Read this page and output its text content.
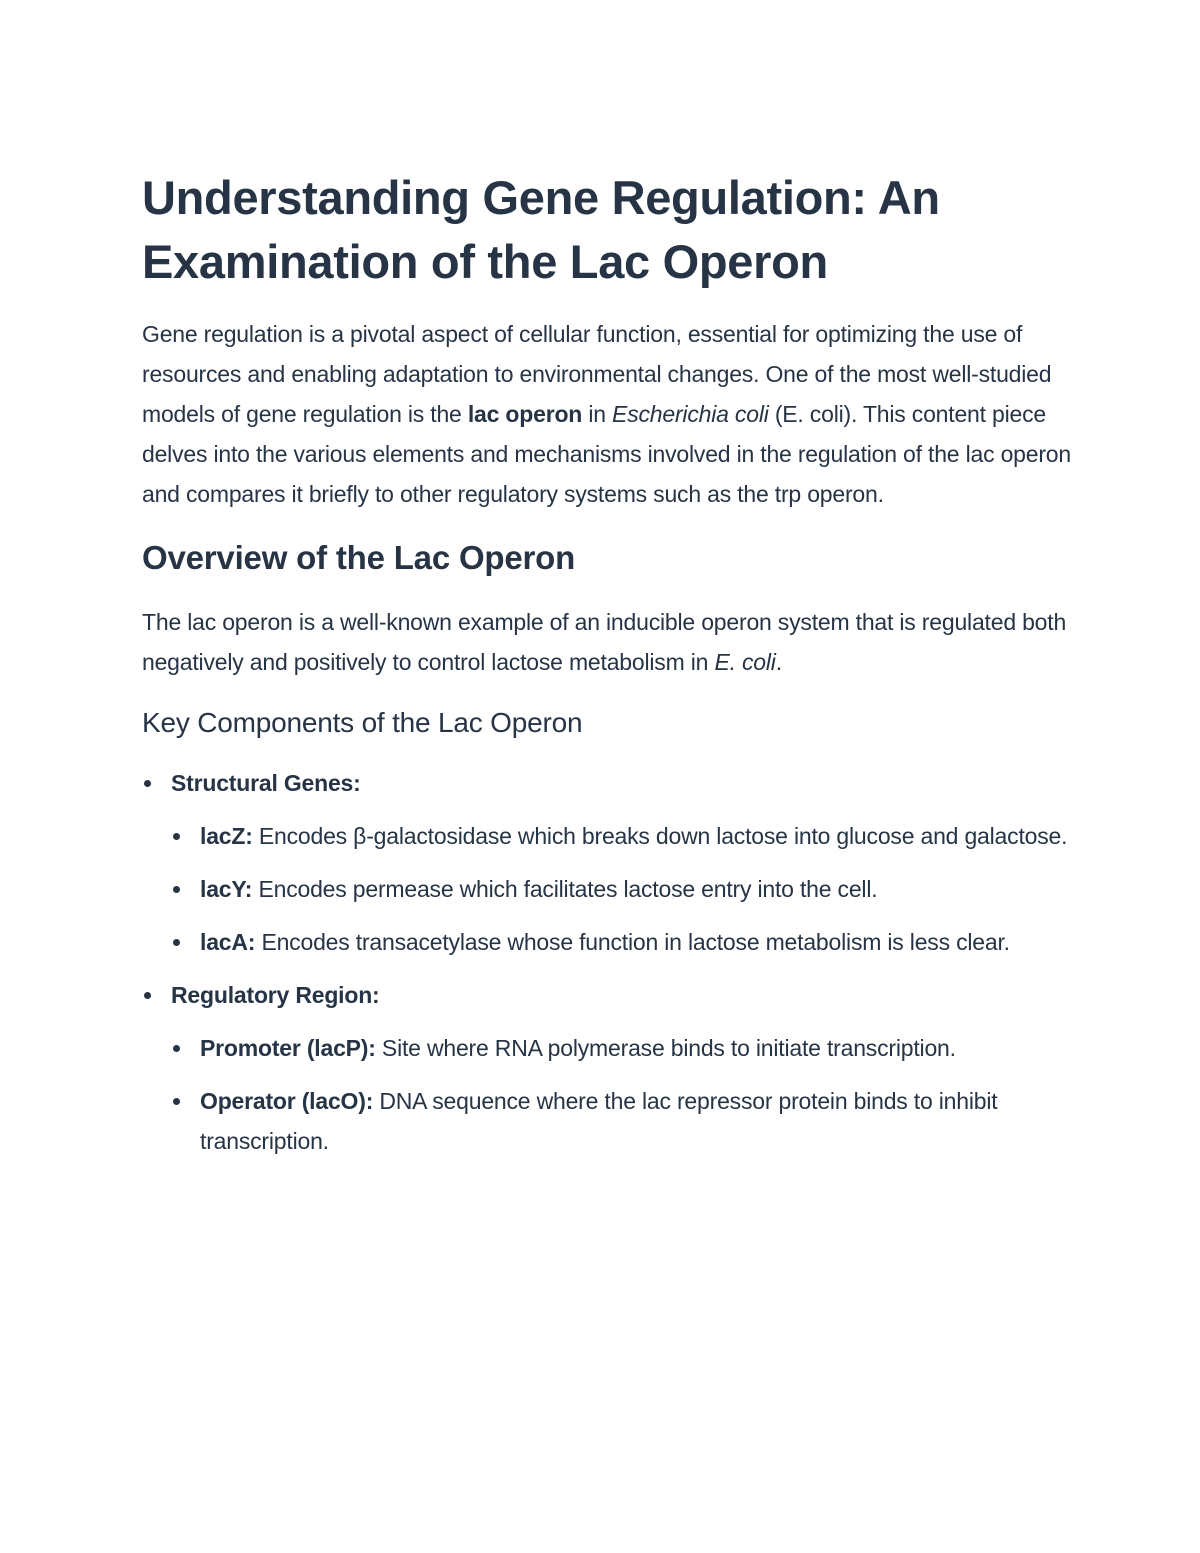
Understanding Gene Regulation: An Examination of the Lac Operon

Gene regulation is a pivotal aspect of cellular function, essential for optimizing the use of resources and enabling adaptation to environmental changes. One of the most well-studied models of gene regulation is the lac operon in Escherichia coli (E. coli). This content piece delves into the various elements and mechanisms involved in the regulation of the lac operon and compares it briefly to other regulatory systems such as the trp operon.

Overview of the Lac Operon

The lac operon is a well-known example of an inducible operon system that is regulated both negatively and positively to control lactose metabolism in E. coli.

Key Components of the Lac Operon
Structural Genes:
lacZ: Encodes β-galactosidase which breaks down lactose into glucose and galactose.
lacY: Encodes permease which facilitates lactose entry into the cell.
lacA: Encodes transacetylase whose function in lactose metabolism is less clear.
Regulatory Region:
Promoter (lacP): Site where RNA polymerase binds to initiate transcription.
Operator (lacO): DNA sequence where the lac repressor protein binds to inhibit transcription.
